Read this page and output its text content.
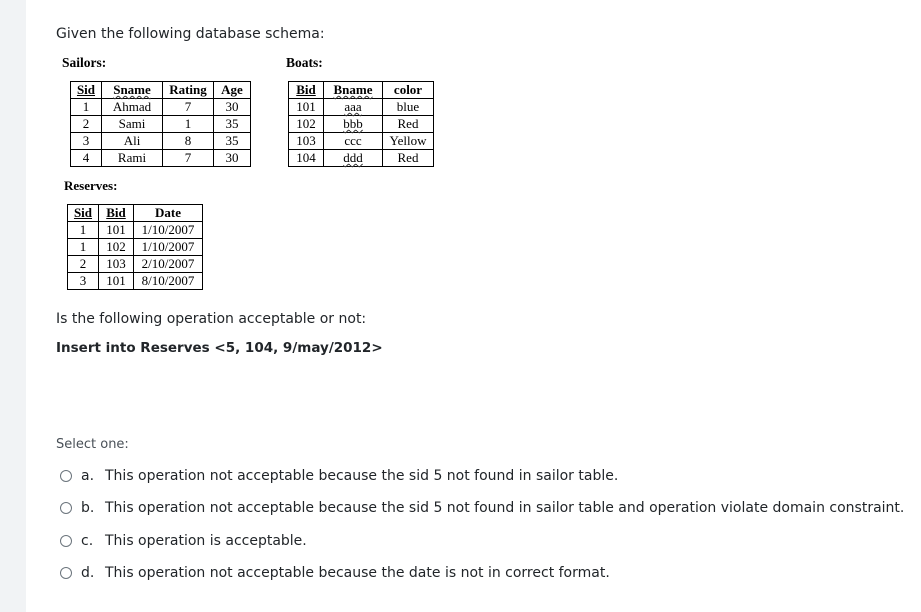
Given the following database schema:
Sailors:	Boats:
Sid	Sname	Rating	Age
1	Ahmad	7	30
2	Sami	1	35
3	Ali	8	35
4	Rami	7	30
Bid	Bname	color
101	aaa	blue
102	bbb	Red
103	ccc	Yellow
104	ddd	Red
Reserves:
Sid	Bid	Date
1	101	1/10/2007
1	102	1/10/2007
2	103	2/10/2007
3	101	8/10/2007
Is the following operation acceptable or not:
Insert into Reserves <5, 104, 9/may/2012>
Select one:
a. This operation not acceptable because the sid 5 not found in sailor table.
b. This operation not acceptable because the sid 5 not found in sailor table and operation violate domain constraint.
c. This operation is acceptable.
d. This operation not acceptable because the date is not in correct format.
